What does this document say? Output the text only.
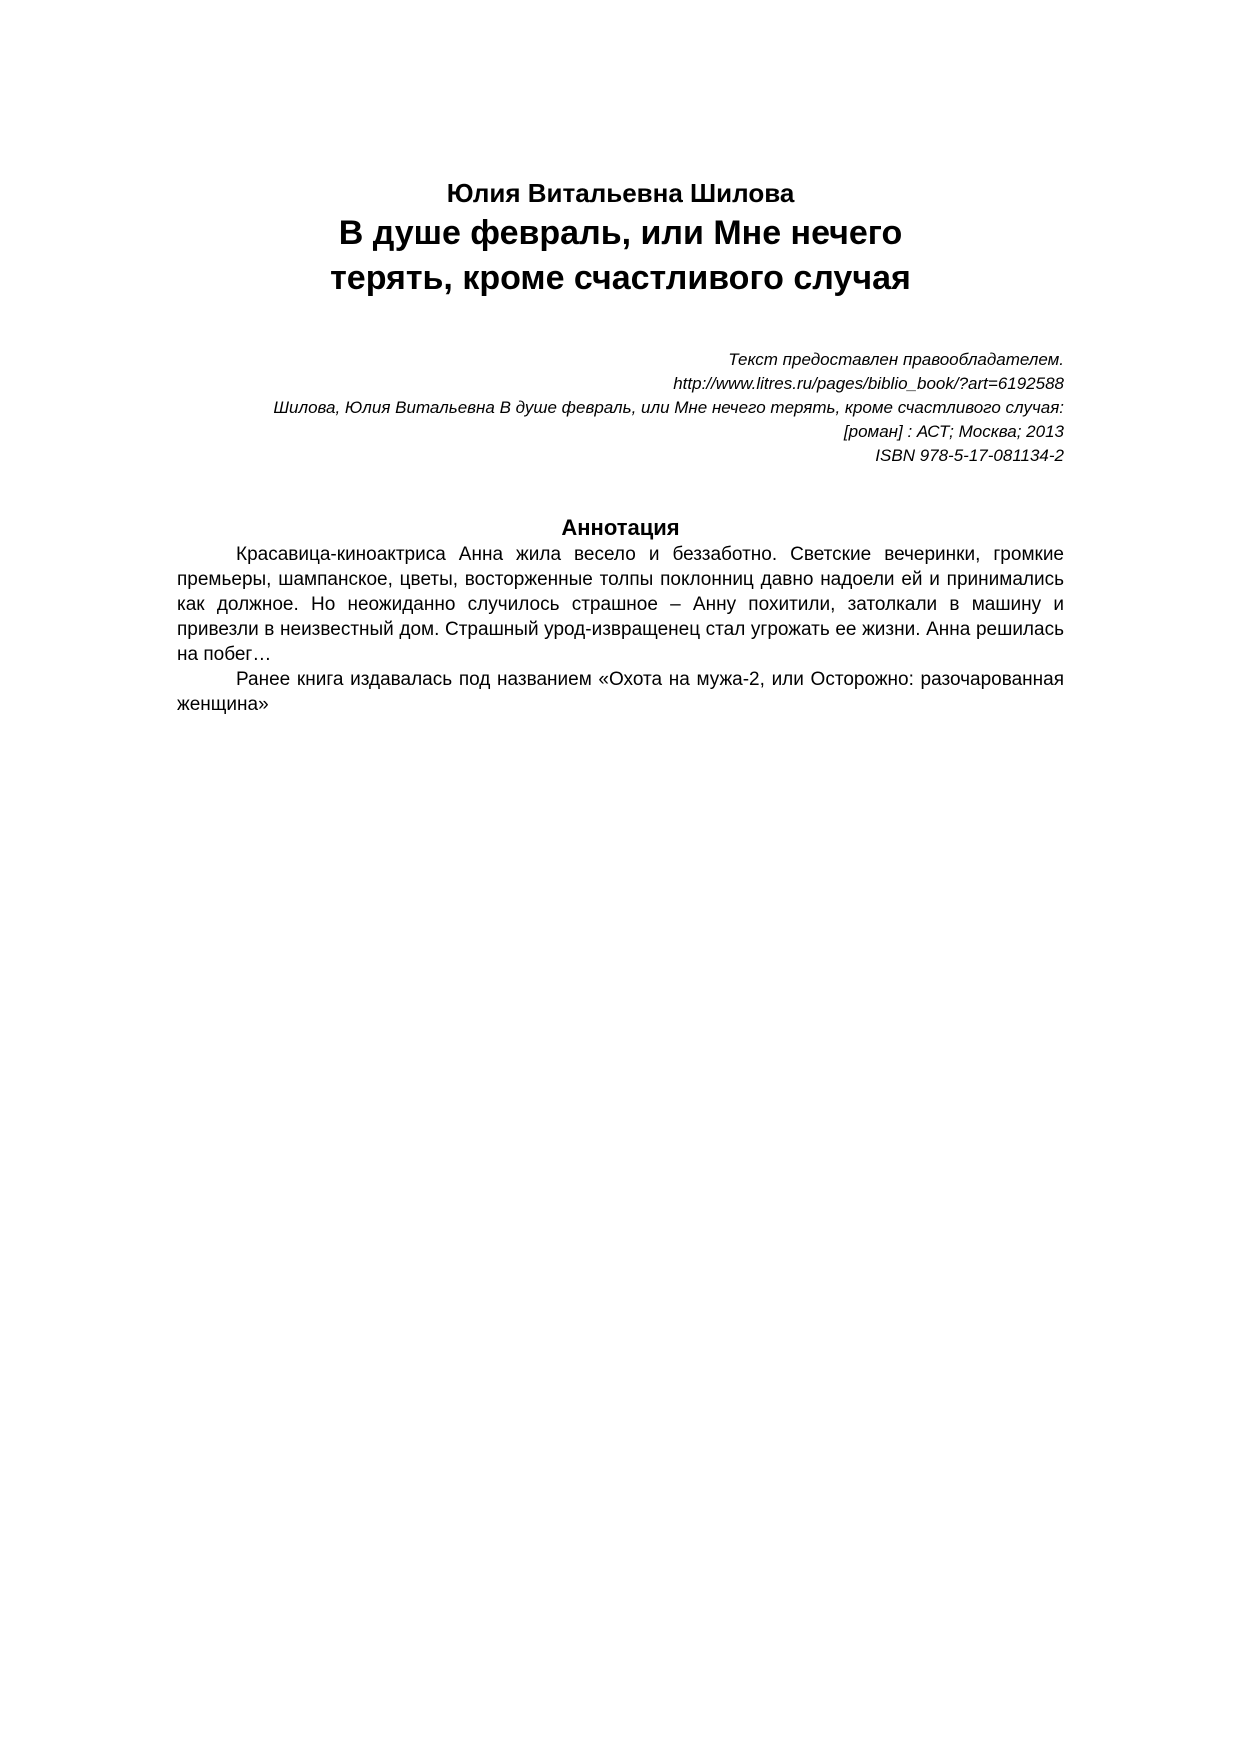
Юлия Витальевна Шилова
В душе февраль, или Мне нечего
терять, кроме счастливого случая
Текст предоставлен правообладателем.
http://www.litres.ru/pages/biblio_book/?art=6192588
Шилова, Юлия Витальевна В душе февраль, или Мне нечего терять, кроме счастливого случая:
[роман] : АСТ; Москва; 2013
ISBN 978-5-17-081134-2
Аннотация

Красавица-киноактриса Анна жила весело и беззаботно. Светские вечеринки, громкие премьеры, шампанское, цветы, восторженные толпы поклонниц давно надоели ей и принимались как должное. Но неожиданно случилось страшное – Анну похитили, затолкали в машину и привезли в неизвестный дом. Страшный урод-извращенец стал угрожать ее жизни. Анна решилась на побег…

Ранее книга издавалась под названием «Охота на мужа-2, или Осторожно: разочарованная женщина»
